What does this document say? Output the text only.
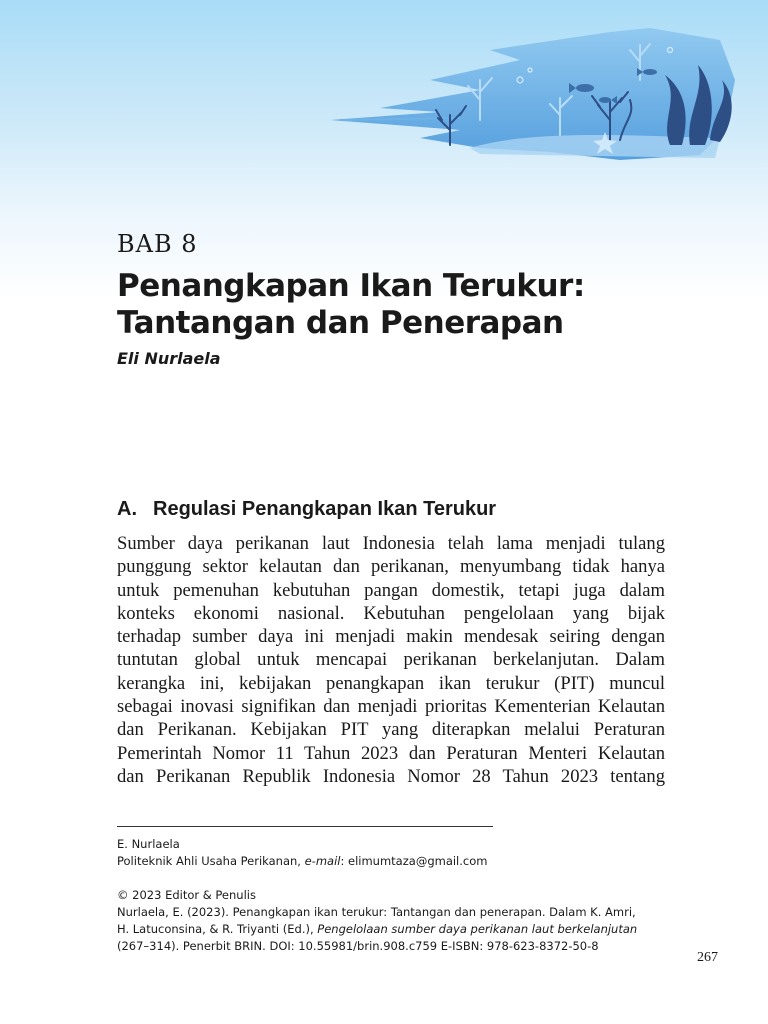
BAB 8
Penangkapan Ikan Terukur:
Tantangan dan Penerapan
Eli Nurlaela
A. Regulasi Penangkapan Ikan Terukur
Sumber daya perikanan laut Indonesia telah lama menjadi tulang
punggung sektor kelautan dan perikanan, menyumbang tidak hanya
untuk pemenuhan kebutuhan pangan domestik, tetapi juga dalam
konteks ekonomi nasional. Kebutuhan pengelolaan yang bijak
terhadap sumber daya ini menjadi makin mendesak seiring dengan
tuntutan global untuk mencapai perikanan berkelanjutan. Dalam
kerangka ini, kebijakan penangkapan ikan terukur (PIT) muncul
sebagai inovasi signifikan dan menjadi prioritas Kementerian Kelautan
dan Perikanan. Kebijakan PIT yang diterapkan melalui Peraturan
Pemerintah Nomor 11 Tahun 2023 dan Peraturan Menteri Kelautan
dan Perikanan Republik Indonesia Nomor 28 Tahun 2023 tentang
E. Nurlaela
Politeknik Ahli Usaha Perikanan, e-mail: elimumtaza@gmail.com
© 2023 Editor & Penulis
Nurlaela, E. (2023). Penangkapan ikan terukur: Tantangan dan penerapan. Dalam K. Amri,
H. Latuconsina, & R. Triyanti (Ed.), Pengelolaan sumber daya perikanan laut berkelanjutan
(267–314). Penerbit BRIN. DOI: 10.55981/brin.908.c759 E-ISBN: 978-623-8372-50-8
267
